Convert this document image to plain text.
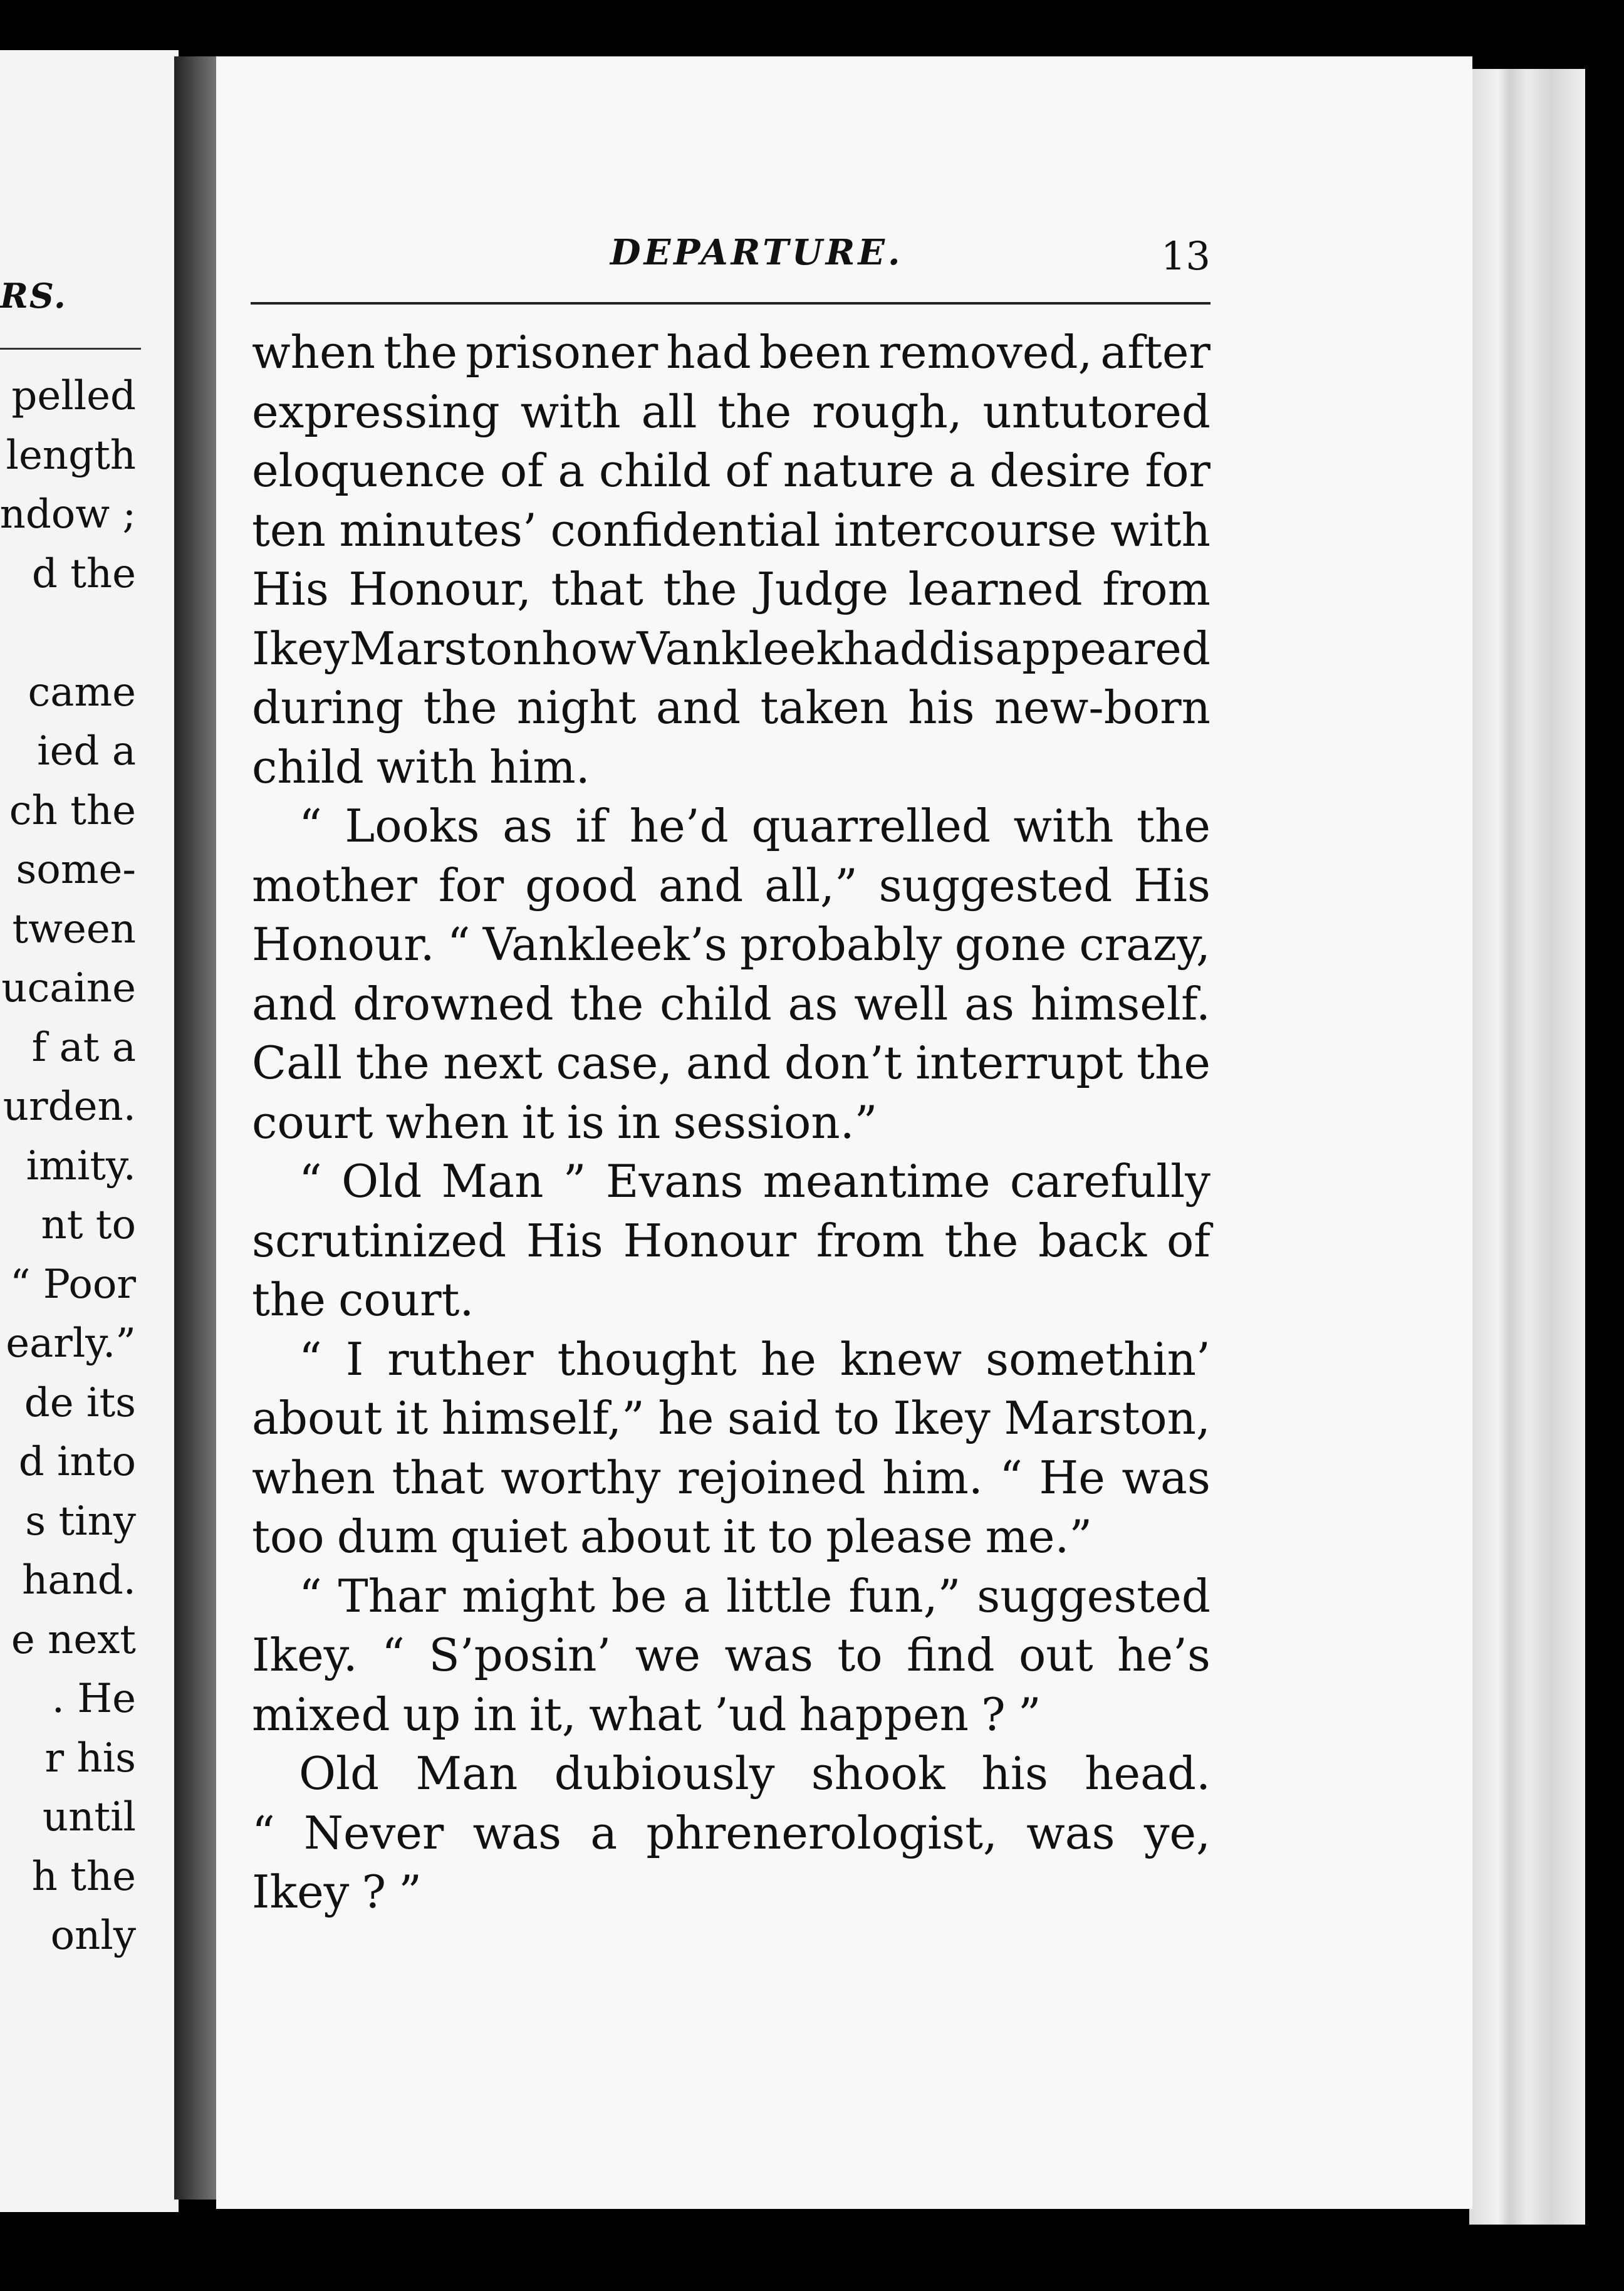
RS.
pelled
length
ndow ;
d the
came
ied a
ch the
some-
tween
ucaine
f at a
urden.
imity.
nt to
“ Poor
early.”
de its
d into
s tiny
hand.
e next
. He
r his
until
h the
only
DEPARTURE.	13
when the prisoner had been removed, after
expressing with all the rough, untutored
eloquence of a child of nature a desire for
ten minutes’ confidential intercourse with
His Honour, that the Judge learned from
Ikey Marston how Vankleek had disappeared
during the night and taken his new-born
child with him.
“ Looks as if he’d quarrelled with the
mother for good and all,” suggested His
Honour. “ Vankleek’s probably gone crazy,
and drowned the child as well as himself.
Call the next case, and don’t interrupt the
court when it is in session.”
“ Old Man ” Evans meantime carefully
scrutinized His Honour from the back of
the court.
“ I ruther thought he knew somethin’
about it himself,” he said to Ikey Marston,
when that worthy rejoined him. “ He was
too dum quiet about it to please me.”
“ Thar might be a little fun,” suggested
Ikey. “ S’posin’ we was to find out he’s
mixed up in it, what ’ud happen ? ”
Old Man dubiously shook his head.
“ Never was a phrenerologist, was ye,
Ikey ? ”
